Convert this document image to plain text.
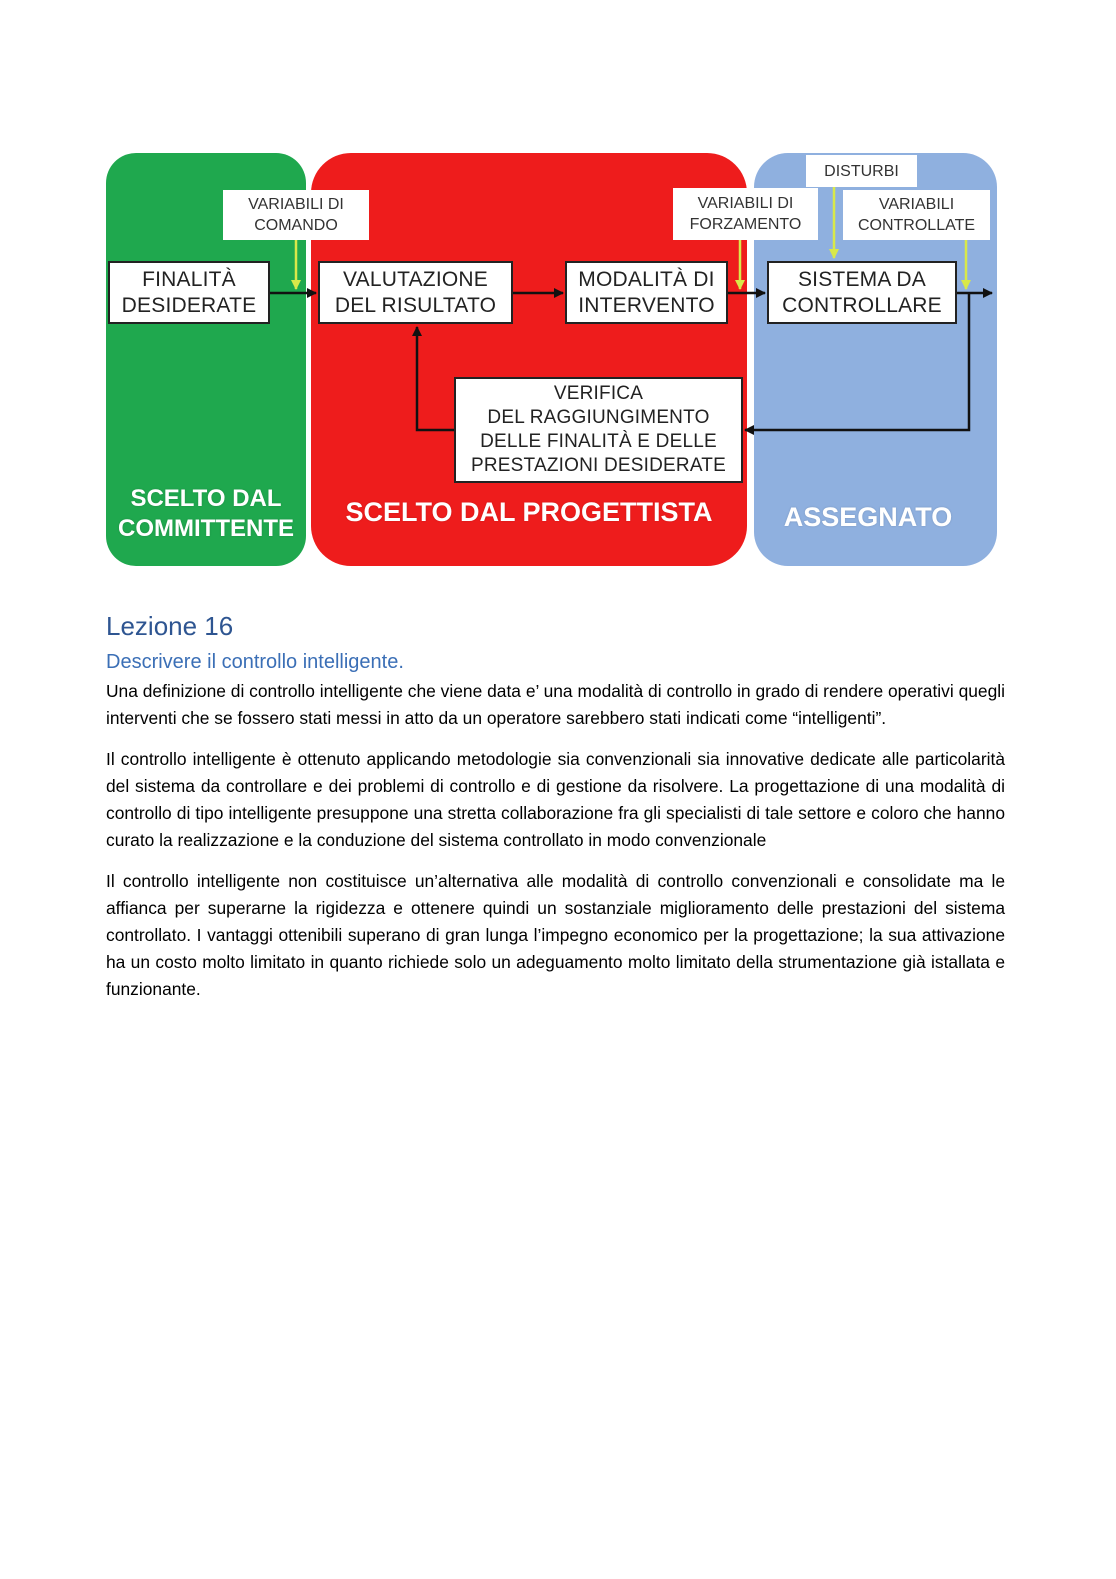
FINALITÀ
DESIDERATE
VALUTAZIONE
DEL RISULTATO
MODALITÀ DI
INTERVENTO
SISTEMA DA
CONTROLLARE
VERIFICA
DEL RAGGIUNGIMENTO
DELLE FINALITÀ E DELLE
PRESTAZIONI DESIDERATE
VARIABILI DI
COMANDO
VARIABILI DI
FORZAMENTO
DISTURBI
VARIABILI
CONTROLLATE
SCELTO DAL
COMMITTENTE
SCELTO DAL PROGETTISTA	ASSEGNATO
Lezione 16
Descrivere il controllo intelligente.

Una definizione di controllo intelligente che viene data e’ una modalità di controllo in grado di rendere operativi quegli interventi che se fossero stati messi in atto da un operatore sarebbero stati indicati come “intelligenti”.

Il controllo intelligente è ottenuto applicando metodologie sia convenzionali sia innovative dedicate alle particolarità del sistema da controllare e dei problemi di controllo e di gestione da risolvere. La progettazione di una modalità di controllo di tipo intelligente presuppone una stretta collaborazione fra gli specialisti di tale settore e coloro che hanno curato la realizzazione e la conduzione del sistema controllato in modo convenzionale

Il controllo intelligente non costituisce un’alternativa alle modalità di controllo convenzionali e consolidate ma le affianca per superarne la rigidezza e ottenere quindi un sostanziale miglioramento delle prestazioni del sistema controllato. I vantaggi ottenibili superano di gran lunga l’impegno economico per la progettazione; la sua attivazione ha un costo molto limitato in quanto richiede solo un adeguamento molto limitato della strumentazione già istallata e funzionante.
